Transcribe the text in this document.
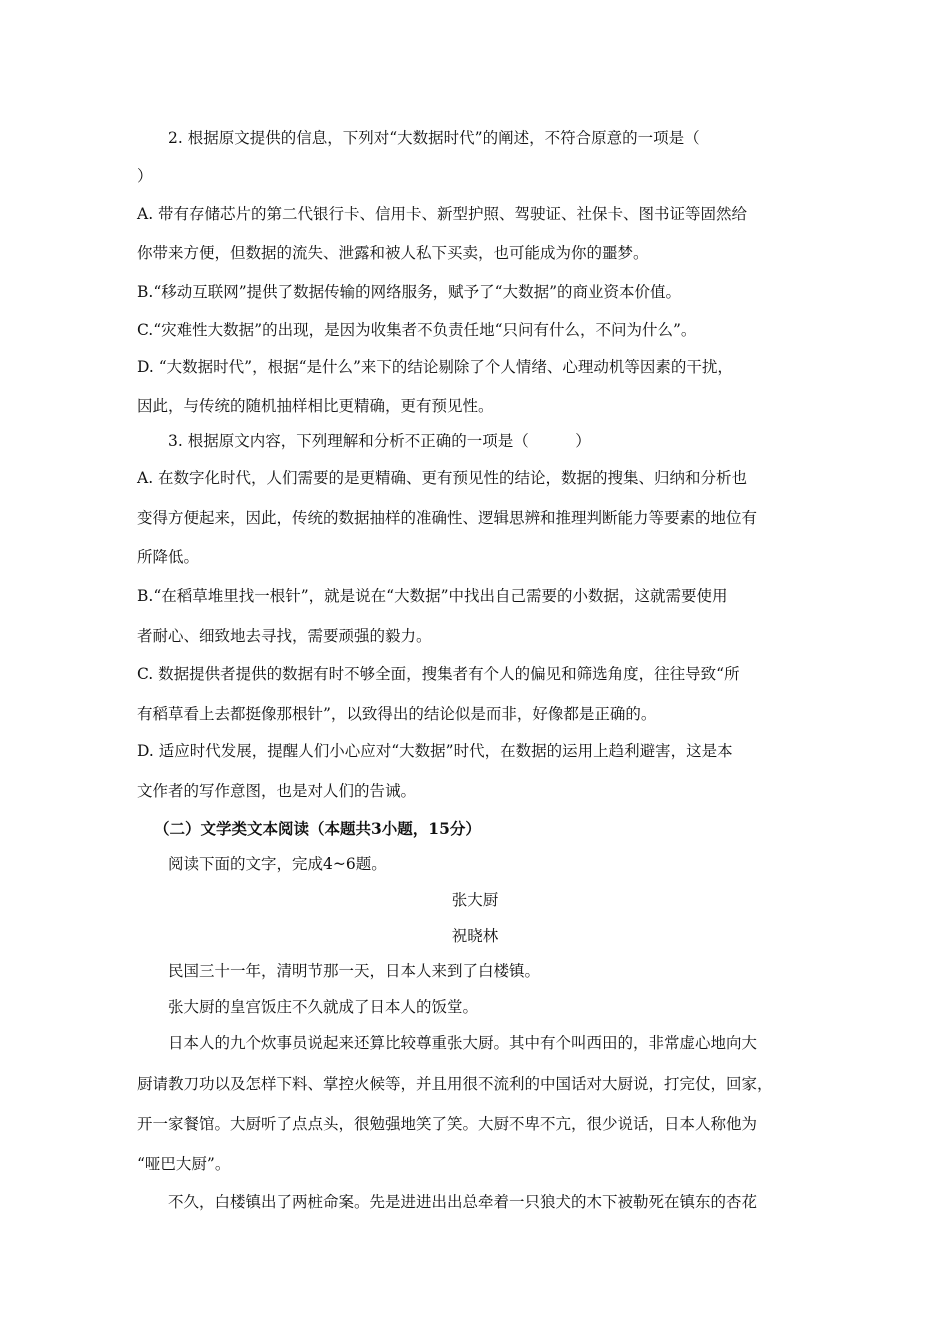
2. 根据原文提供的信息，下列对“大数据时代”的阐述，不符合原意的一项是（
）
A. 带有存储芯片的第二代银行卡、信用卡、新型护照、驾驶证、社保卡、图书证等固然给
你带来方便，但数据的流失、泄露和被人私下买卖，也可能成为你的噩梦。
B.“移动互联网”提供了数据传输的网络服务，赋予了“大数据”的商业资本价值。
C.“灾难性大数据”的出现，是因为收集者不负责任地“只问有什么，不问为什么”。
D. “大数据时代”，根据“是什么”来下的结论剔除了个人情绪、心理动机等因素的干扰，
因此，与传统的随机抽样相比更精确，更有预见性。
3. 根据原文内容，下列理解和分析不正确的一项是（　　　）
A. 在数字化时代，人们需要的是更精确、更有预见性的结论，数据的搜集、归纳和分析也
变得方便起来，因此，传统的数据抽样的准确性、逻辑思辨和推理判断能力等要素的地位有
所降低。
B.“在稻草堆里找一根针”，就是说在“大数据”中找出自己需要的小数据，这就需要使用
者耐心、细致地去寻找，需要顽强的毅力。
C. 数据提供者提供的数据有时不够全面，搜集者有个人的偏见和筛选角度，往往导致“所
有稻草看上去都挺像那根针”，以致得出的结论似是而非，好像都是正确的。
D. 适应时代发展，提醒人们小心应对“大数据”时代，在数据的运用上趋利避害，这是本
文作者的写作意图，也是对人们的告诫。
（二）文学类文本阅读（本题共3小题，15分）
阅读下面的文字，完成4~6题。
张大厨
祝晓林
民国三十一年，清明节那一天，日本人来到了白楼镇。
张大厨的皇宫饭庄不久就成了日本人的饭堂。
日本人的九个炊事员说起来还算比较尊重张大厨。其中有个叫西田的，非常虚心地向大
厨请教刀功以及怎样下料、掌控火候等，并且用很不流利的中国话对大厨说，打完仗，回家，
开一家餐馆。大厨听了点点头，很勉强地笑了笑。大厨不卑不亢，很少说话，日本人称他为
“哑巴大厨”。
不久，白楼镇出了两桩命案。先是进进出出总牵着一只狼犬的木下被勒死在镇东的杏花
